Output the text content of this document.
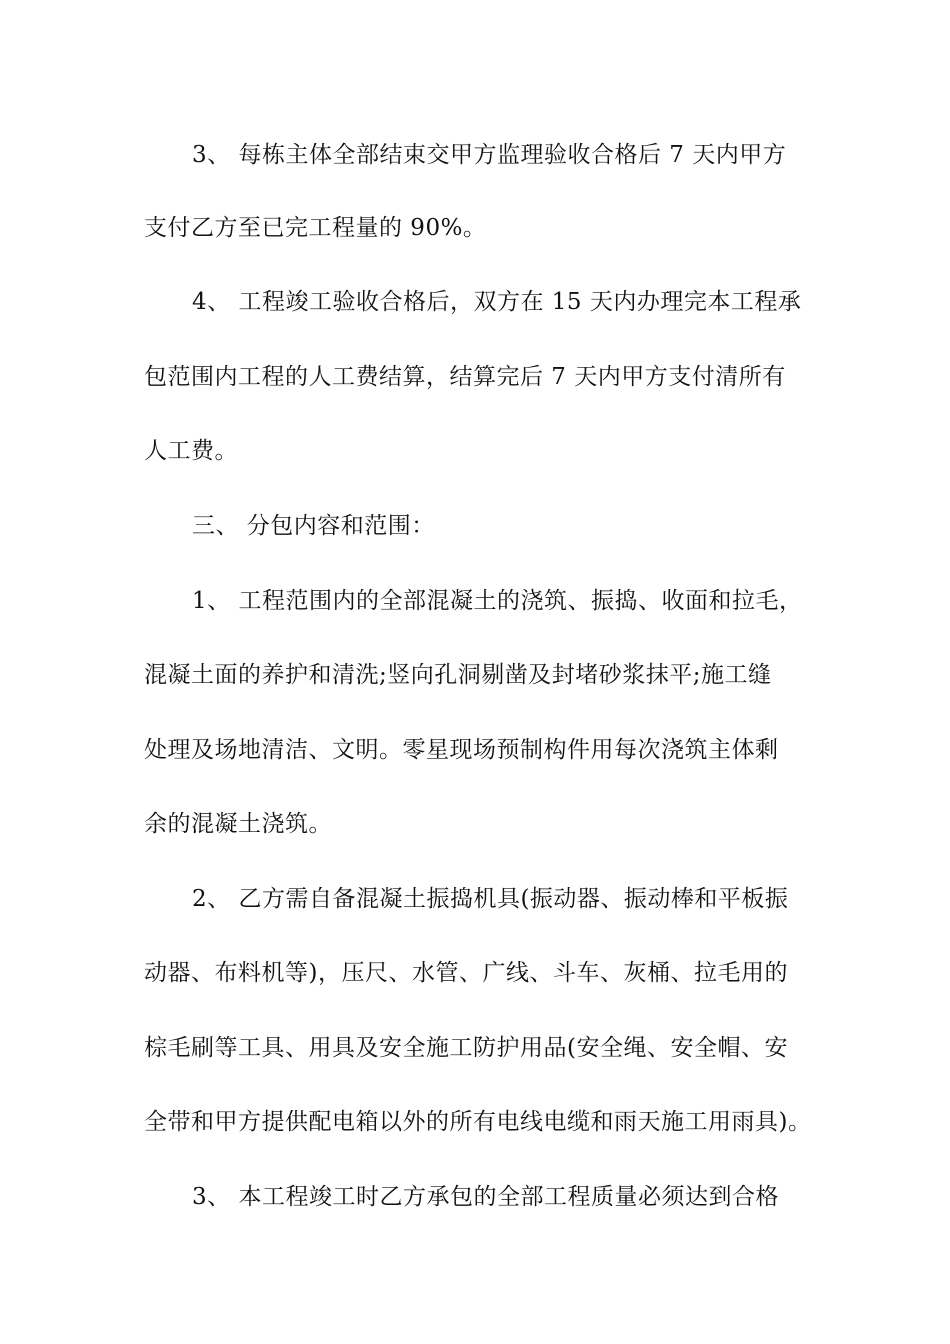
3、 每栋主体全部结束交甲方监理验收合格后 7 天内甲方
支付乙方至已完工程量的 90%。
4、 工程竣工验收合格后，双方在 15 天内办理完本工程承
包范围内工程的人工费结算，结算完后 7 天内甲方支付清所有
人工费。
三、 分包内容和范围：
1、 工程范围内的全部混凝土的浇筑、振捣、收面和拉毛，
混凝土面的养护和清洗;竖向孔洞剔凿及封堵砂浆抹平;施工缝
处理及场地清洁、文明。零星现场预制构件用每次浇筑主体剩
余的混凝土浇筑。
2、 乙方需自备混凝土振捣机具(振动器、振动棒和平板振
动器、布料机等)，压尺、水管、广线、斗车、灰桶、拉毛用的
棕毛刷等工具、用具及安全施工防护用品(安全绳、安全帽、安
全带和甲方提供配电箱以外的所有电线电缆和雨天施工用雨具)。
3、 本工程竣工时乙方承包的全部工程质量必须达到合格
